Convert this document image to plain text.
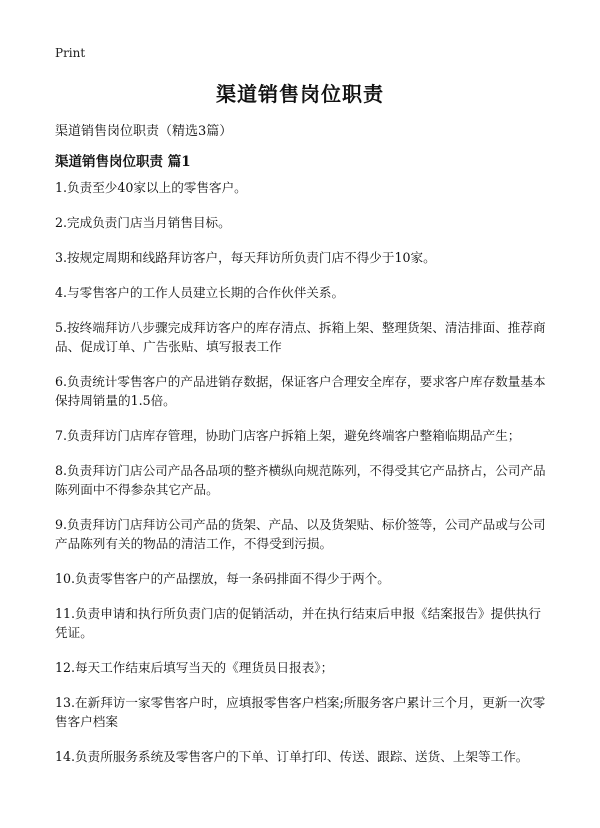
Print
渠道销售岗位职责
渠道销售岗位职责（精选3篇）
渠道销售岗位职责 篇1
1.负责至少40家以上的零售客户。
2.完成负责门店当月销售目标。
3.按规定周期和线路拜访客户，每天拜访所负责门店不得少于10家。
4.与零售客户的工作人员建立长期的合作伙伴关系。
5.按终端拜访八步骤完成拜访客户的库存清点、拆箱上架、整理货架、清洁排面、推荐商品、促成订单、广告张贴、填写报表工作
6.负责统计零售客户的产品进销存数据，保证客户合理安全库存，要求客户库存数量基本保持周销量的1.5倍。
7.负责拜访门店库存管理，协助门店客户拆箱上架，避免终端客户整箱临期品产生；
8.负责拜访门店公司产品各品项的整齐横纵向规范陈列，不得受其它产品挤占，公司产品陈列面中不得参杂其它产品。
9.负责拜访门店拜访公司产品的货架、产品、以及货架贴、标价签等，公司产品或与公司产品陈列有关的物品的清洁工作，不得受到污损。
10.负责零售客户的产品摆放，每一条码排面不得少于两个。
11.负责申请和执行所负责门店的促销活动，并在执行结束后申报《结案报告》提供执行凭证。
12.每天工作结束后填写当天的《理货员日报表》；
13.在新拜访一家零售客户时，应填报零售客户档案;所服务客户累计三个月，更新一次零售客户档案
14.负责所服务系统及零售客户的下单、订单打印、传送、跟踪、送货、上架等工作。
